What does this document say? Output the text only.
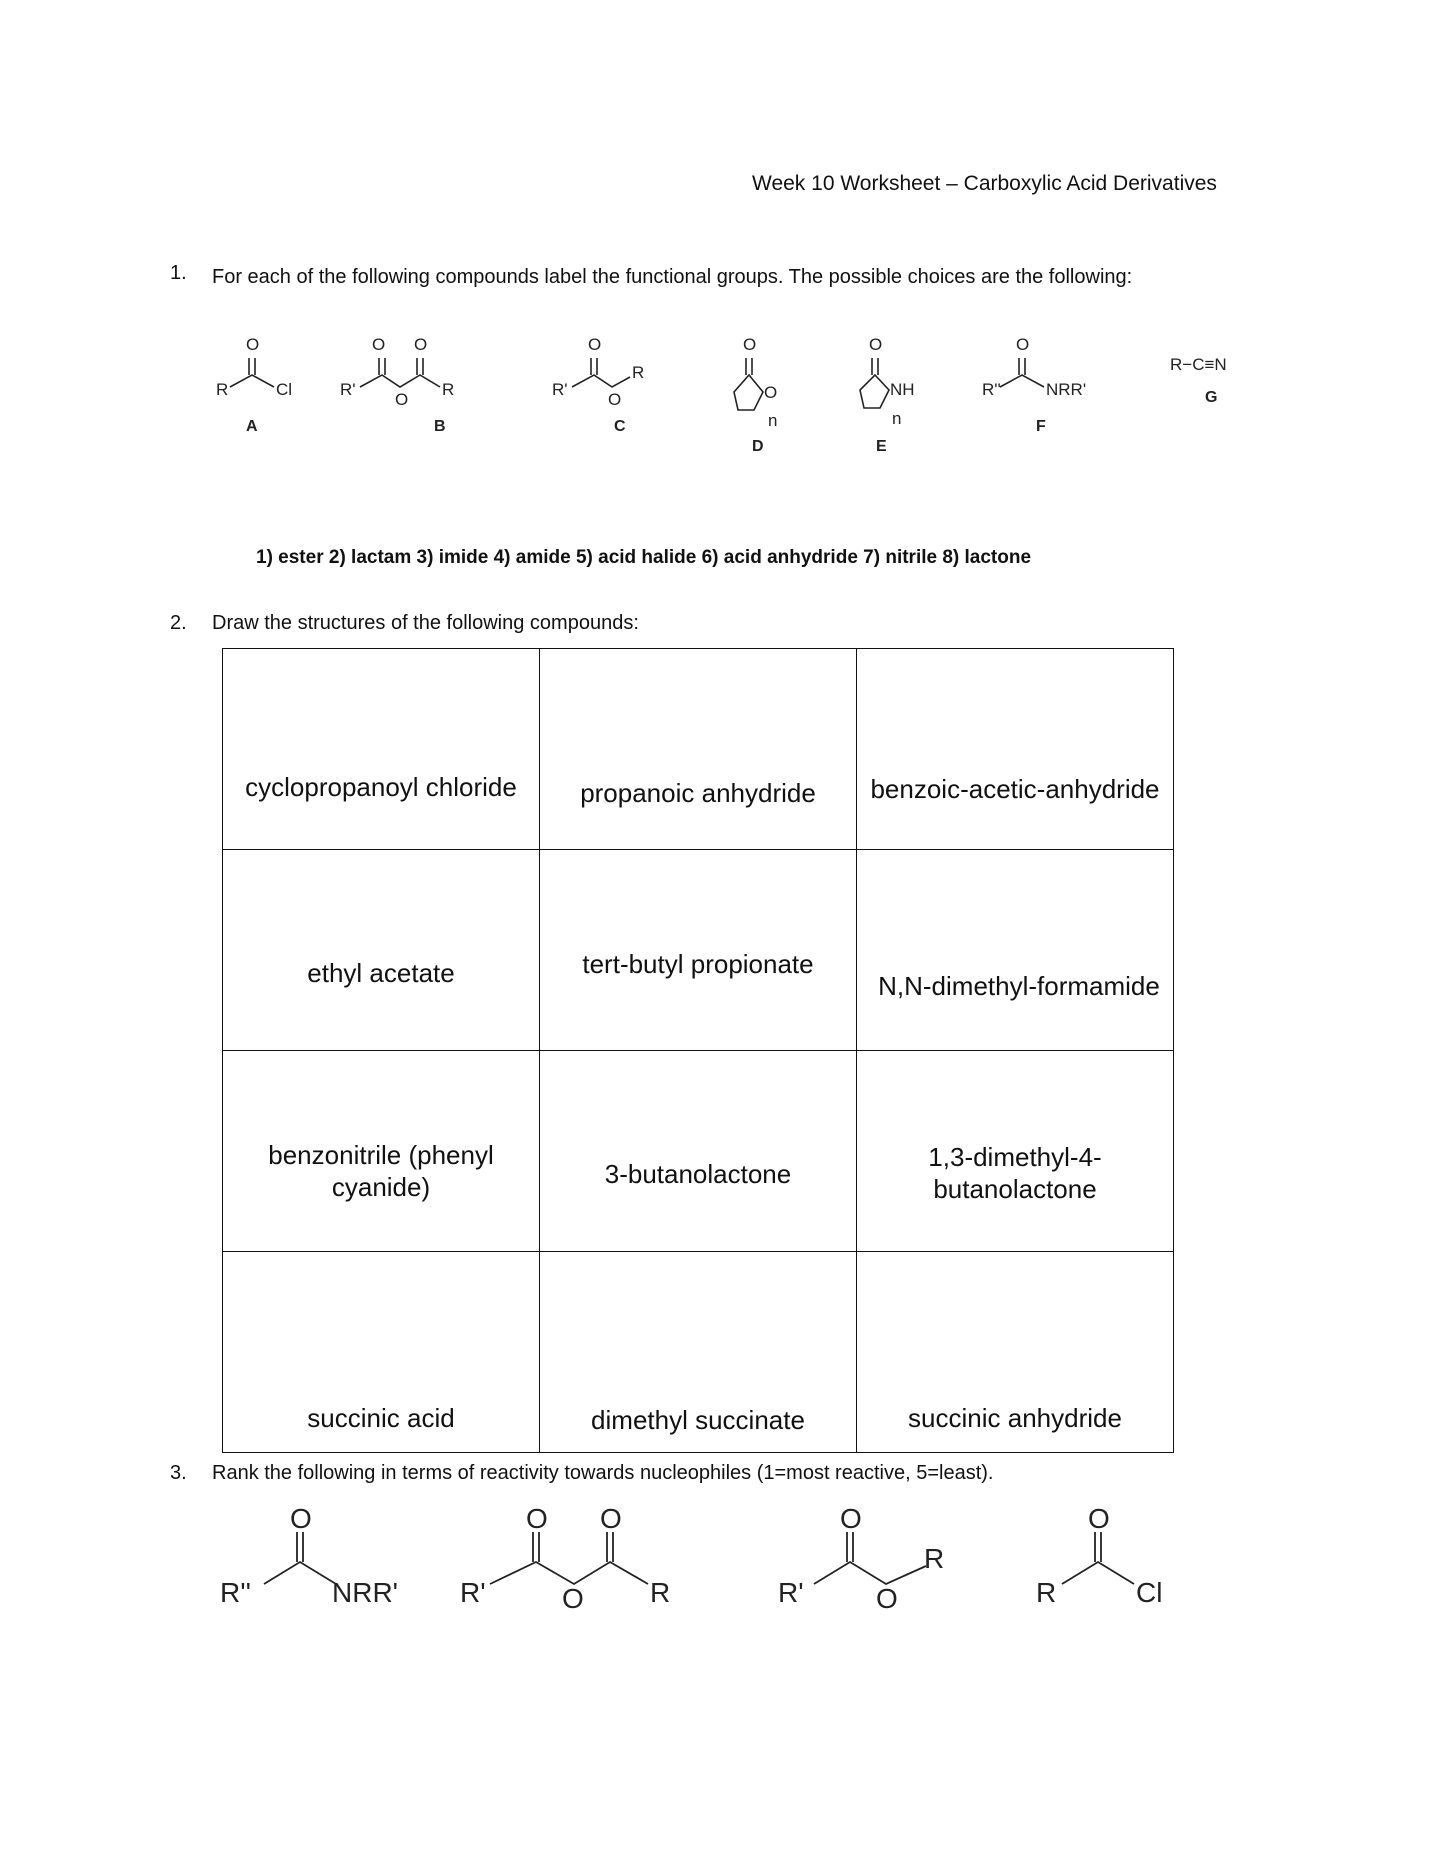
Week 10 Worksheet – Carboxylic Acid Derivatives
1. For each of the following compounds label the functional groups. The possible choices are the following:
O
R	Cl
O O
R'
O
R
O
R'
O
R
O
O
n
O
NH
n
O
R''	NRR'
R−C≡N
A	B	C
D	E
F
G
1) ester 2) lactam 3) imide 4) amide 5) acid halide 6) acid anhydride 7) nitrile 8) lactone
2. Draw the structures of the following compounds:
cyclopropanoyl chloride	propanoic anhydride	benzoic-acetic-anhydride

ethyl acetate	tert-butyl propionate	N,N-dimethyl-formamide

benzonitrile (phenyl cyanide)	3-butanolactone	1,3-dimethyl-4-butanolactone

succinic acid	dimethyl succinate	succinic anhydride
3. Rank the following in terms of reactivity towards nucleophiles (1=most reactive, 5=least).
O
R''	NRR'
O O
R'	O R
O
R'	O
R
O
R	Cl
